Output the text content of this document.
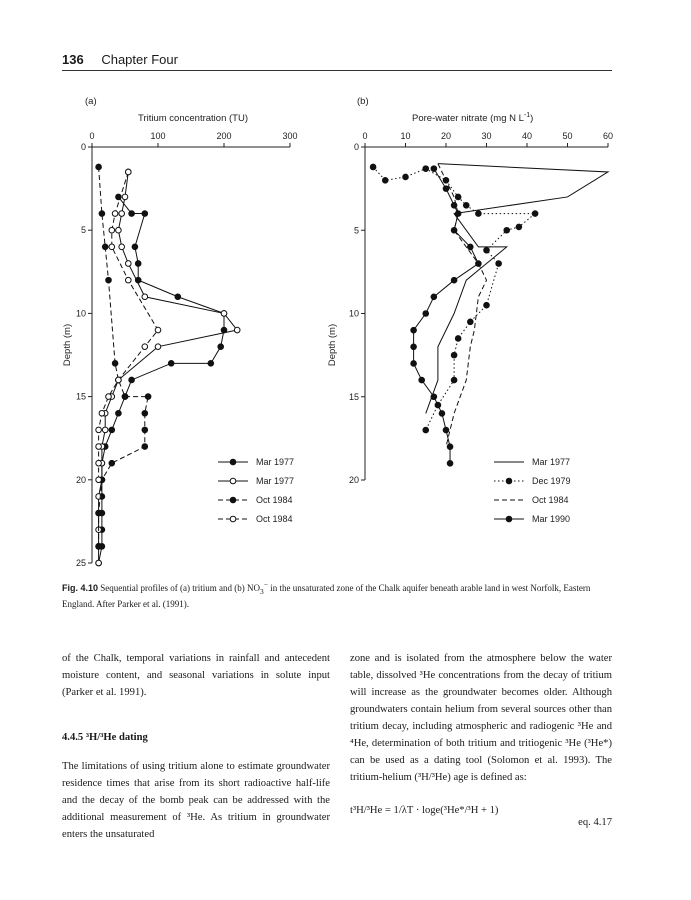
136 Chapter Four
(a)
Tritium concentration (TU)
0	100	200	300
0
5
10
15
20
25
Depth (m)
Mar 1977
Mar 1977
Oct 1984
Oct 1984
(b)
Pore-water nitrate (mg N $L^{-1}$)
0	10	20	30	40	50	60
0
5
10
15
20
Depth (m)
Mar 1977
Dec 1979
Oct 1984
Mar 1990
Fig. 4.10 Sequential profiles of (a) tritium and (b) $NO_3^-$ in the unsaturated zone of the Chalk aquifer beneath arable land in west Norfolk, Eastern England. After Parker et al. (1991).
of the Chalk, temporal variations in rainfall and antecedent moisture content, and seasonal variations in solute input (Parker et al. 1991).
4.4.5 ³H/³He dating
The limitations of using tritium alone to estimate groundwater residence times that arise from its short radioactive half-life and the decay of the bomb peak can be addressed with the additional measurement of ³He. As tritium in groundwater enters the unsaturated
zone and is isolated from the atmosphere below the water table, dissolved ³He concentrations from the decay of tritium will increase as the groundwater becomes older. Although groundwaters contain helium from several sources other than tritium decay, including atmospheric and radiogenic ³He and ⁴He, determination of both tritium and tritiogenic ³He (³He*) can be used as a dating tool (Solomon et al. 1993). The tritium-helium (³H/³He) age is defined as:
t³H/³He = 1/λT · loge(³He*/³H + 1)
eq. 4.17
